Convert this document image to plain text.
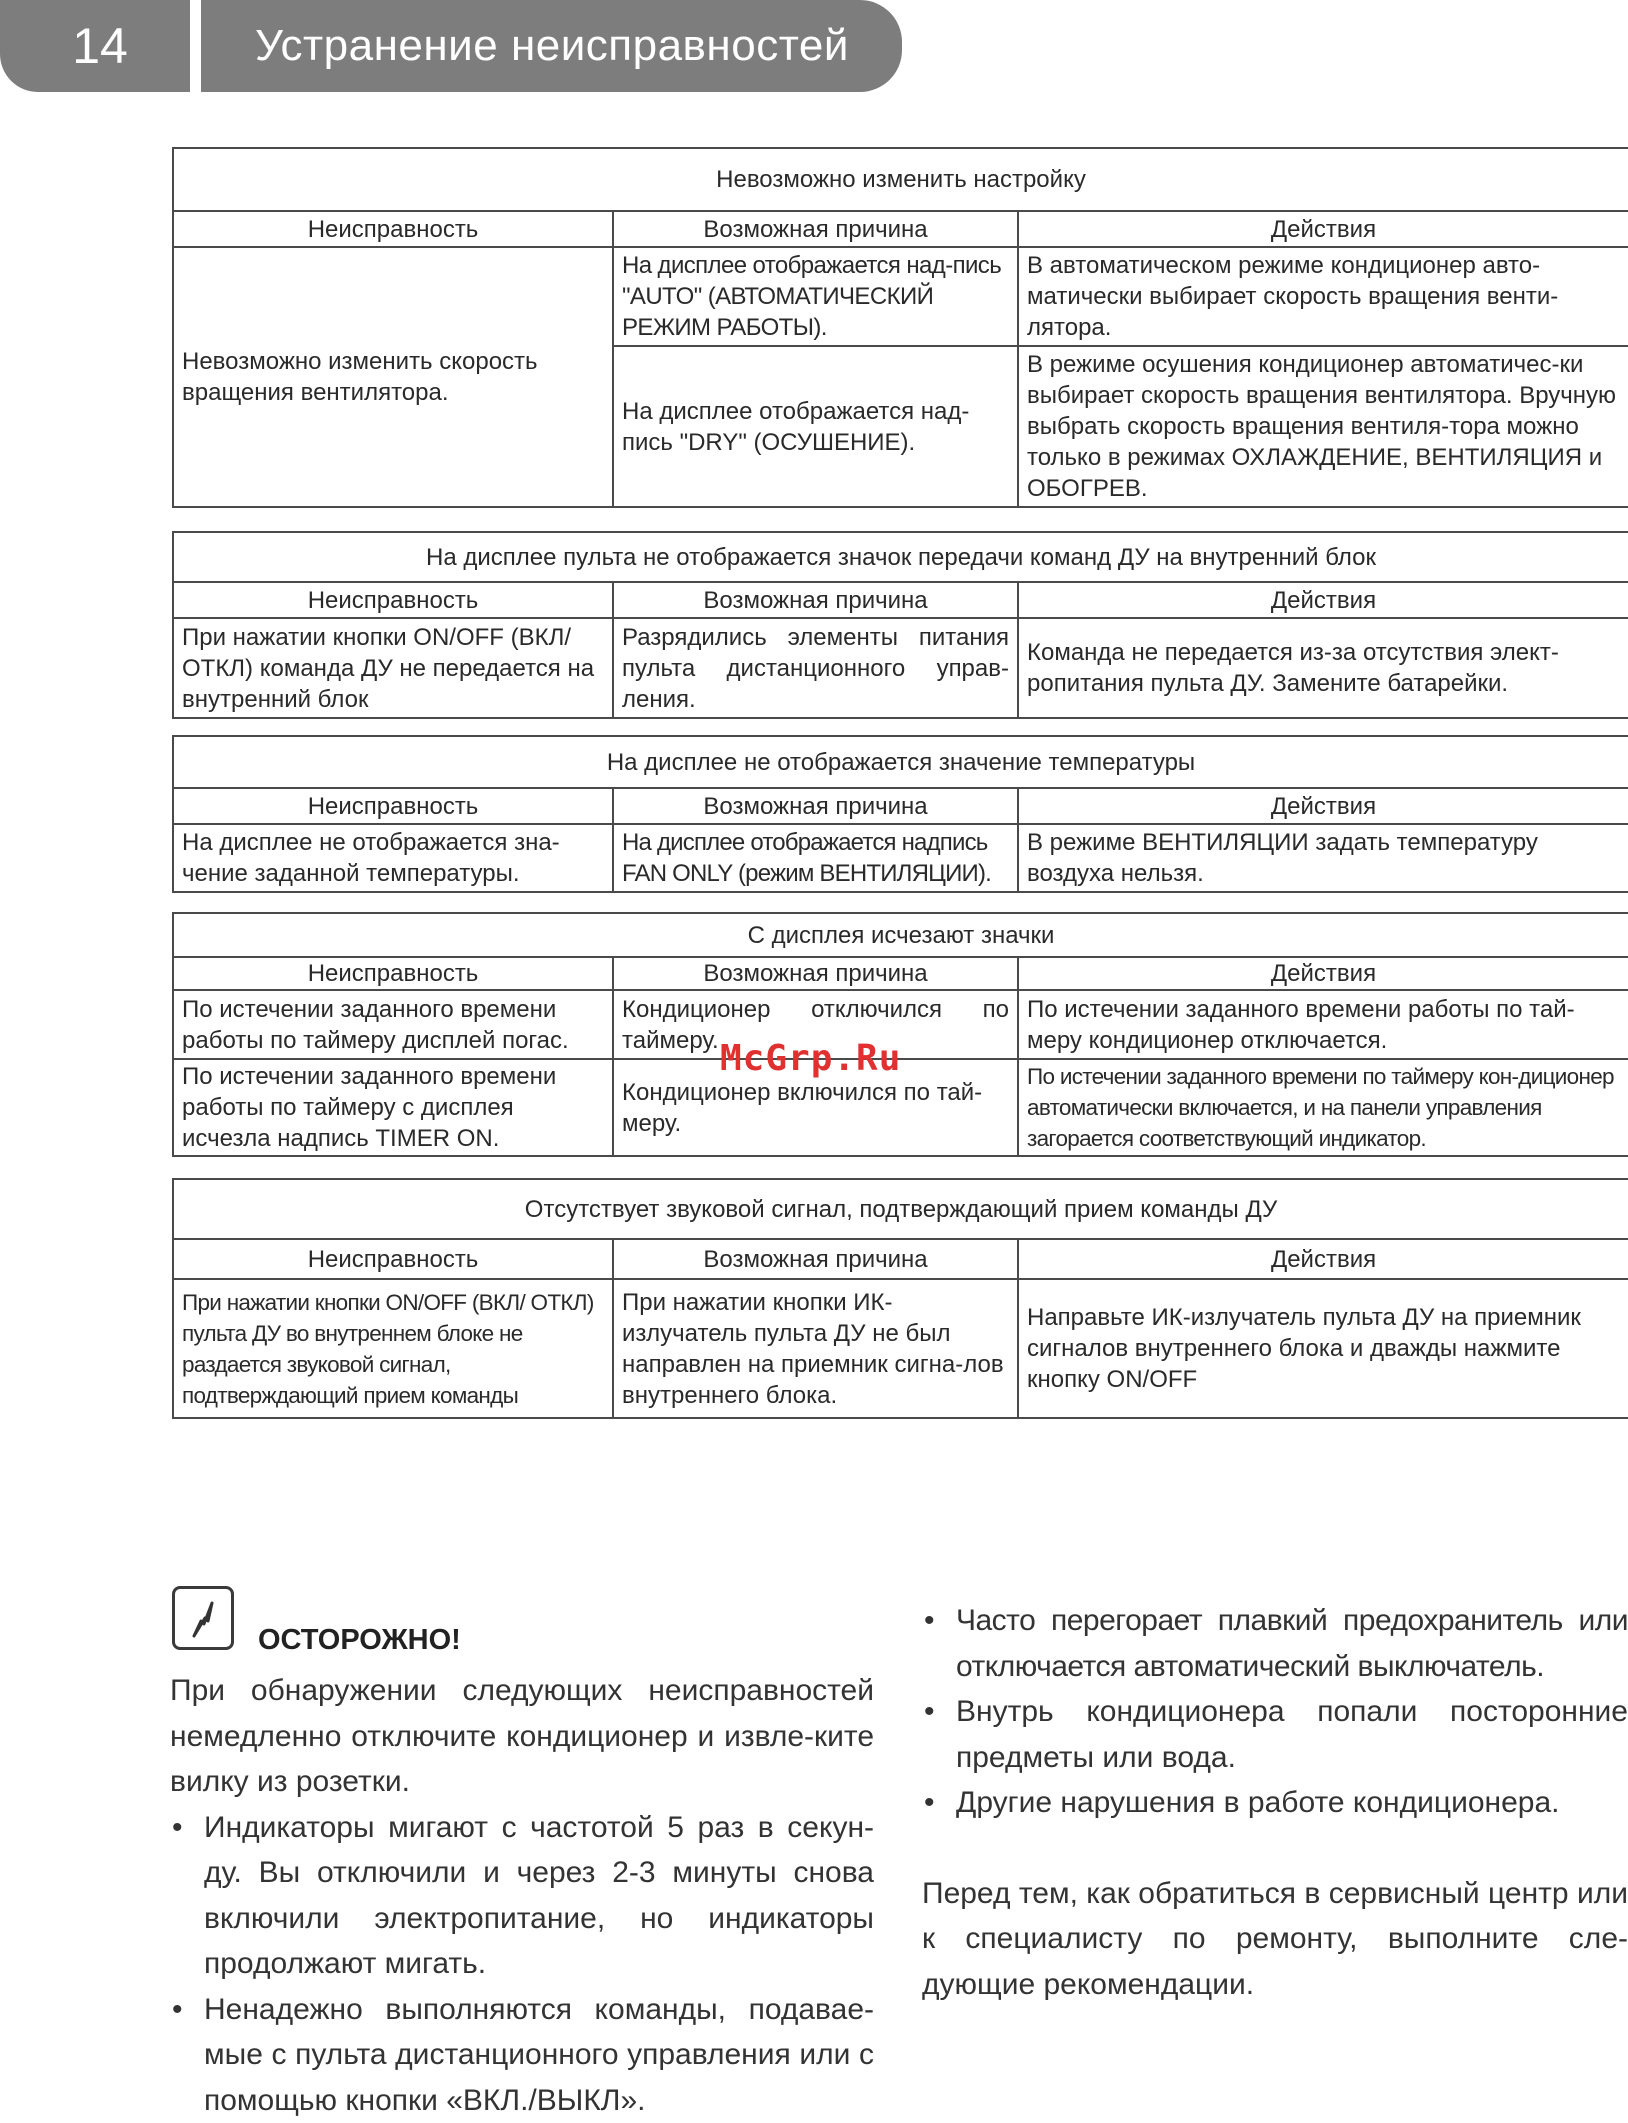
14	Устранение неисправностей
Невозможно изменить настройку		
Неисправность	Возможная причина	Действия
Невозможно изменить скорость вращения вентилятора.	На дисплее отображается над-пись "AUTO" (АВТОМАТИЧЕСКИЙ РЕЖИМ РАБОТЫ).	В автоматическом режиме кондиционер авто-матически выбирает скорость вращения венти-лятора.
	На дисплее отображается над-пись "DRY" (ОСУШЕНИЕ).	В режиме осушения кондиционер автоматичес-ки выбирает скорость вращения вентилятора. Вручную выбрать скорость вращения вентиля-тора можно только в режимах ОХЛАЖДЕНИЕ, ВЕНТИЛЯЦИЯ и ОБОГРЕВ.
На дисплее пульта не отображается значок передачи команд ДУ на внутренний блок		
Неисправность	Возможная причина	Действия
При нажатии кнопки ON/OFF (ВКЛ/ ОТКЛ) команда ДУ не передается на внутренний блок	Разрядились элементы питания пульта дистанционного управ-ления.	Команда не передается из-за отсутствия элект-ропитания пульта ДУ. Замените батарейки.
На дисплее не отображается значение температуры		
Неисправность	Возможная причина	Действия
На дисплее не отображается зна-чение заданной температуры.	На дисплее отображается надпись FAN ONLY (режим ВЕНТИЛЯЦИИ).	В режиме ВЕНТИЛЯЦИИ задать температуру воздуха нельзя.
С дисплея исчезают значки		
Неисправность	Возможная причина	Действия
По истечении заданного времени работы по таймеру дисплей погас.	Кондиционер отключился по таймеру.	По истечении заданного времени работы по тай-меру кондиционер отключается.
По истечении заданного времени работы по таймеру с дисплея исчезла надпись TIMER ON.	Кондиционер включился по тай-меру.	По истечении заданного времени по таймеру кон-диционер автоматически включается, и на панели управления загорается соответствующий индикатор.
Отсутствует звуковой сигнал, подтверждающий прием команды ДУ		
Неисправность	Возможная причина	Действия
При нажатии кнопки ON/OFF (ВКЛ/ ОТКЛ) пульта ДУ во внутреннем блоке не раздается звуковой сигнал, подтверждающий прием команды	При нажатии кнопки ИК-излучатель пульта ДУ не был направлен на приемник сигна-лов внутреннего блока.	Направьте ИК-излучатель пульта ДУ на приемник сигналов внутреннего блока и дважды нажмите кнопку ON/OFF
McGrp.Ru
ОСТОРОЖНО!

При обнаружении следующих неисправностей немедленно отключите кондиционер и извле-ките вилку из розетки.

• Индикаторы мигают с частотой 5 раз в секун-ду. Вы отключили и через 2-3 минуты снова включили электропитание, но индикаторы продолжают мигать.
• Ненадежно выполняются команды, подавае-мые с пульта дистанционного управления или с помощью кнопки «ВКЛ./ВЫКЛ».
• Часто перегорает плавкий предохранитель или отключается автоматический выключатель.
• Внутрь кондиционера попали посторонние предметы или вода.
• Другие нарушения в работе кондиционера.

Перед тем, как обратиться в сервисный центр или к специалисту по ремонту, выполните сле-дующие рекомендации.
